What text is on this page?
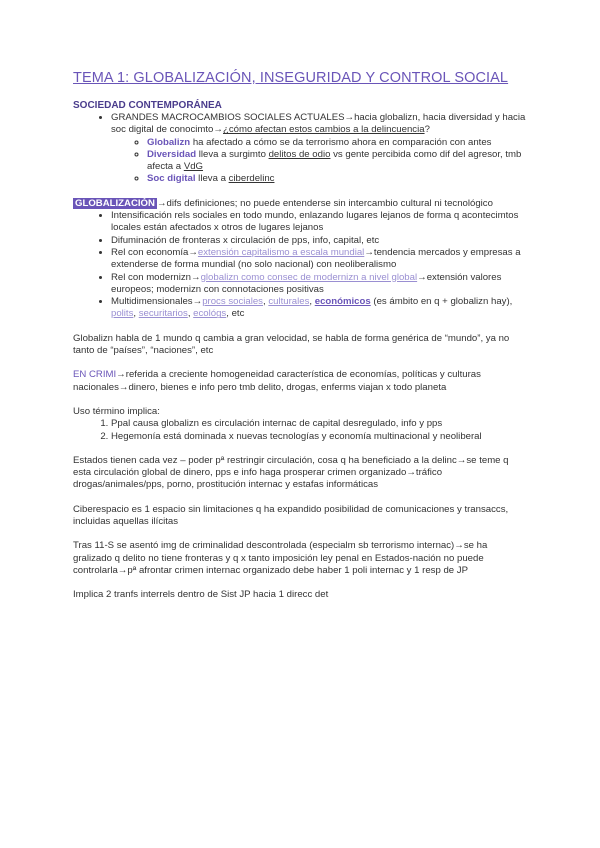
TEMA 1: GLOBALIZACIÓN, INSEGURIDAD Y CONTROL SOCIAL
SOCIEDAD CONTEMPORÁNEA
• GRANDES MACROCAMBIOS SOCIALES ACTUALES→hacia globalizn, hacia diversidad y hacia soc digital de conocimto→¿cómo afectan estos cambios a la delincuencia?
◦ Globalizn ha afectado a cómo se da terrorismo ahora en comparación con antes
◦ Diversidad lleva a surgimto delitos de odio vs gente percibida como dif del agresor, tmb afecta a VdG
◦ Soc digital lleva a ciberdelinc

GLOBALIZACIÓN →difs definiciones; no puede entenderse sin intercambio cultural ni tecnológico

• Intensificación rels sociales en todo mundo, enlazando lugares lejanos de forma q acontecimtos locales están afectados x otros de lugares lejanos
• Difuminación de fronteras x circulación de pps, info, capital, etc
• Rel con economía→extensión capitalismo a escala mundial→tendencia mercados y empresas a extenderse de forma mundial (no solo nacional) con neoliberalismo
• Rel con modernizn→globalizn como consec de modernizn a nivel global→extensión valores europeos; modernizn con connotaciones positivas
• Multidimensionales→procs sociales, culturales, económicos (es ámbito en q + globalizn hay), polits, securitarios, ecológs, etc

Globalizn habla de 1 mundo q cambia a gran velocidad, se habla de forma genérica de “mundo”, ya no tanto de “países”, “naciones”, etc

EN CRIMI→referida a creciente homogeneidad característica de economías, políticas y culturas nacionales→dinero, bienes e info pero tmb delito, drogas, enferms viajan x todo planeta

Uso término implica:

1. Ppal causa globalizn es circulación internac de capital desregulado, info y pps
2. Hegemonía está dominada x nuevas tecnologías y economía multinacional y neoliberal

Estados tienen cada vez – poder pª restringir circulación, cosa q ha beneficiado a la delinc→se teme q esta circulación global de dinero, pps e info haga prosperar crimen organizado→tráfico drogas/animales/pps, porno, prostitución internac y estafas informáticas

Ciberespacio es 1 espacio sin limitaciones q ha expandido posibilidad de comunicaciones y transaccs, incluidas aquellas ilícitas

Tras 11-S se asentó img de criminalidad descontrolada (especialm sb terrorismo internac)→se ha gralizado q delito no tiene fronteras y q x tanto imposición ley penal en Estados-nación no puede controlarla→pª afrontar crimen internac organizado debe haber 1 poli internac y 1 resp de JP

Implica 2 tranfs interrels dentro de Sist JP hacia 1 direcc det
